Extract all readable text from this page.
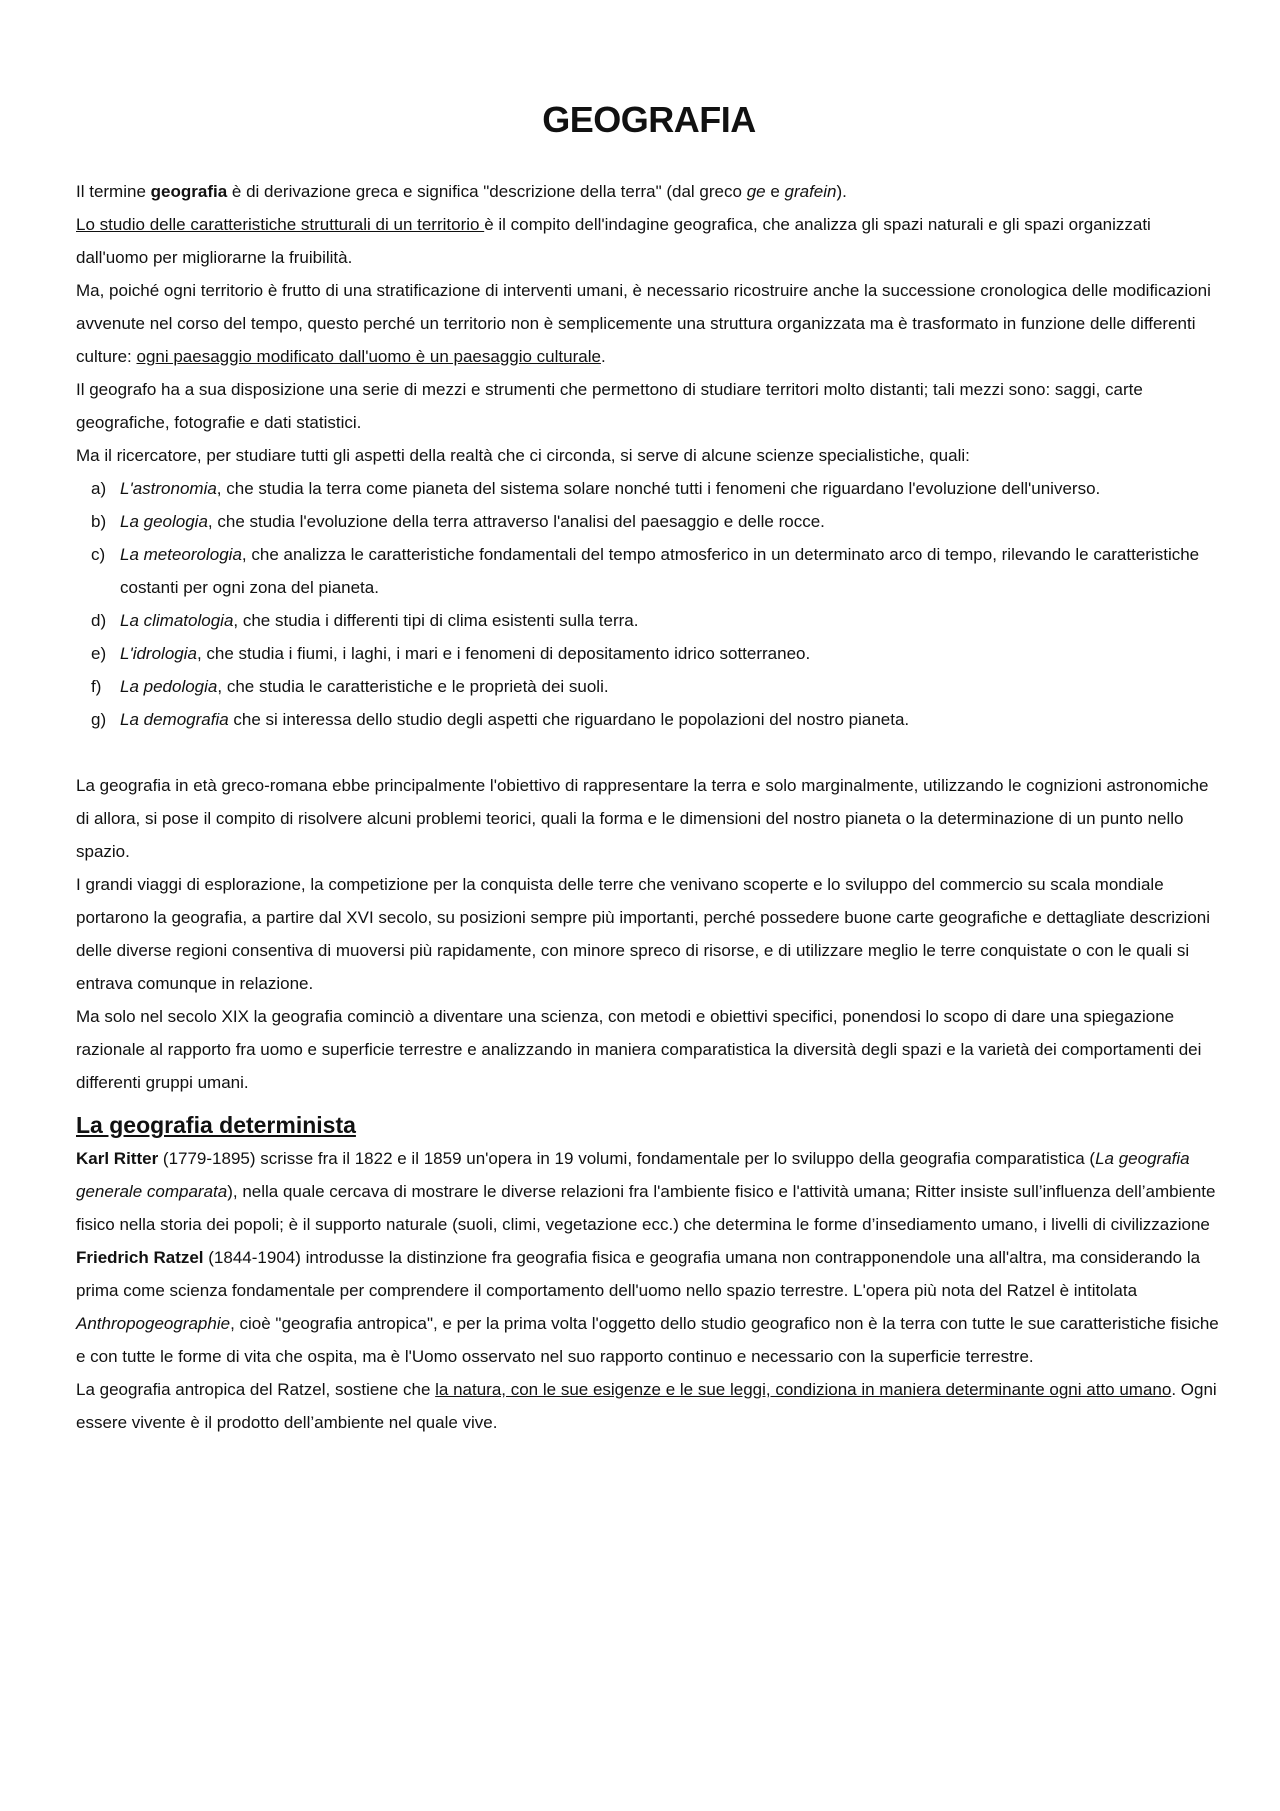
GEOGRAFIA

Il termine geografia è di derivazione greca e significa "descrizione della terra" (dal greco ge e grafein).

Lo studio delle caratteristiche strutturali di un territorio è il compito dell'indagine geografica, che analizza gli spazi naturali e gli spazi organizzati dall'uomo per migliorarne la fruibilità.

Ma, poiché ogni territorio è frutto di una stratificazione di interventi umani, è necessario ricostruire anche la successione cronologica delle modificazioni avvenute nel corso del tempo, questo perché un territorio non è semplicemente una struttura organizzata ma è trasformato in funzione delle differenti culture: ogni paesaggio modificato dall'uomo è un paesaggio culturale.

Il geografo ha a sua disposizione una serie di mezzi e strumenti che permettono di studiare territori molto distanti; tali mezzi sono: saggi, carte geografiche, fotografie e dati statistici.

Ma il ricercatore, per studiare tutti gli aspetti della realtà che ci circonda, si serve di alcune scienze specialistiche, quali:

a) L'astronomia, che studia la terra come pianeta del sistema solare nonché tutti i fenomeni che riguardano l'evoluzione dell'universo.
b) La geologia, che studia l'evoluzione della terra attraverso l'analisi del paesaggio e delle rocce.
c) La meteorologia, che analizza le caratteristiche fondamentali del tempo atmosferico in un determinato arco di tempo, rilevando le caratteristiche costanti per ogni zona del pianeta.
d) La climatologia, che studia i differenti tipi di clima esistenti sulla terra.
e) L'idrologia, che studia i fiumi, i laghi, i mari e i fenomeni di depositamento idrico sotterraneo.
f) La pedologia, che studia le caratteristiche e le proprietà dei suoli.
g) La demografia che si interessa dello studio degli aspetti che riguardano le popolazioni del nostro pianeta.

La geografia in età greco-romana ebbe principalmente l'obiettivo di rappresentare la terra e solo marginalmente, utilizzando le cognizioni astronomiche di allora, si pose il compito di risolvere alcuni problemi teorici, quali la forma e le dimensioni del nostro pianeta o la determinazione di un punto nello spazio.

I grandi viaggi di esplorazione, la competizione per la conquista delle terre che venivano scoperte e lo sviluppo del commercio su scala mondiale portarono la geografia, a partire dal XVI secolo, su posizioni sempre più importanti, perché possedere buone carte geografiche e dettagliate descrizioni delle diverse regioni consentiva di muoversi più rapidamente, con minore spreco di risorse, e di utilizzare meglio le terre conquistate o con le quali si entrava comunque in relazione.

Ma solo nel secolo XIX la geografia cominciò a diventare una scienza, con metodi e obiettivi specifici, ponendosi lo scopo di dare una spiegazione razionale al rapporto fra uomo e superficie terrestre e analizzando in maniera comparatistica la diversità degli spazi e la varietà dei comportamenti dei differenti gruppi umani.

La geografia determinista

Karl Ritter (1779-1895) scrisse fra il 1822 e il 1859 un'opera in 19 volumi, fondamentale per lo sviluppo della geografia comparatistica (La geografia generale comparata), nella quale cercava di mostrare le diverse relazioni fra l'ambiente fisico e l'attività umana; Ritter insiste sull’influenza dell’ambiente fisico nella storia dei popoli; è il supporto naturale (suoli, climi, vegetazione ecc.) che determina le forme d’insediamento umano, i livelli di civilizzazione

Friedrich Ratzel (1844-1904) introdusse la distinzione fra geografia fisica e geografia umana non contrapponendole una all'altra, ma considerando la prima come scienza fondamentale per comprendere il comportamento dell'uomo nello spazio terrestre. L'opera più nota del Ratzel è intitolata Anthropogeographie, cioè "geografia antropica", e per la prima volta l'oggetto dello studio geografico non è la terra con tutte le sue caratteristiche fisiche e con tutte le forme di vita che ospita, ma è l'Uomo osservato nel suo rapporto continuo e necessario con la superficie terrestre.

La geografia antropica del Ratzel, sostiene che la natura, con le sue esigenze e le sue leggi, condiziona in maniera determinante ogni atto umano. Ogni essere vivente è il prodotto dell’ambiente nel quale vive.
